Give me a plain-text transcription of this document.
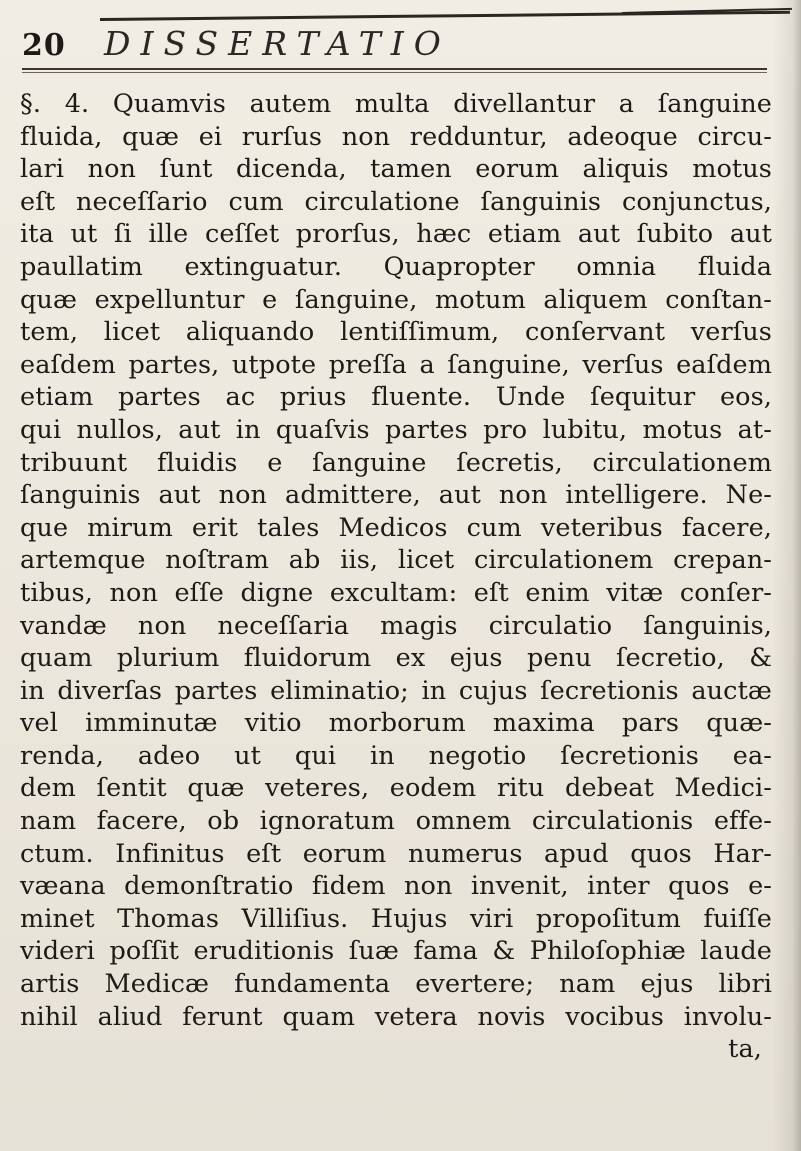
20 DISSERTATIO
§. 4. Quamvis autem multa divellantur a ſanguine
fluida, quæ ei rurſus non redduntur, adeoque circu-
lari non ſunt dicenda, tamen eorum aliquis motus
eſt neceſſario cum circulatione ſanguinis conjunctus,
ita ut ſi ille ceſſet prorſus, hæc etiam aut ſubito aut
paullatim extinguatur. Quapropter omnia fluida
quæ expelluntur e ſanguine, motum aliquem conſtan-
tem, licet aliquando lentiſſimum, conſervant verſus
eaſdem partes, utpote preſſa a ſanguine, verſus eaſdem
etiam partes ac prius fluente. Unde ſequitur eos,
qui nullos, aut in quaſvis partes pro lubitu, motus at-
tribuunt fluidis e ſanguine ſecretis, circulationem
ſanguinis aut non admittere, aut non intelligere. Ne-
que mirum erit tales Medicos cum veteribus facere,
artemque noſtram ab iis, licet circulationem crepan-
tibus, non eſſe digne excultam: eſt enim vitæ conſer-
vandæ non neceſſaria magis circulatio ſanguinis,
quam plurium fluidorum ex ejus penu ſecretio, &
in diverſas partes eliminatio; in cujus ſecretionis auctæ
vel imminutæ vitio morborum maxima pars quæ-
renda, adeo ut qui in negotio ſecretionis ea-
dem ſentit quæ veteres, eodem ritu debeat Medici-
nam facere, ob ignoratum omnem circulationis effe-
ctum. Infinitus eſt eorum numerus apud quos Har-
væana demonſtratio fidem non invenit, inter quos e-
minet Thomas Villiſius. Hujus viri propoſitum fuiſſe
videri poſſit eruditionis ſuæ fama & Philoſophiæ laude
artis Medicæ fundamenta evertere; nam ejus libri
nihil aliud ferunt quam vetera novis vocibus involu-
ta,
